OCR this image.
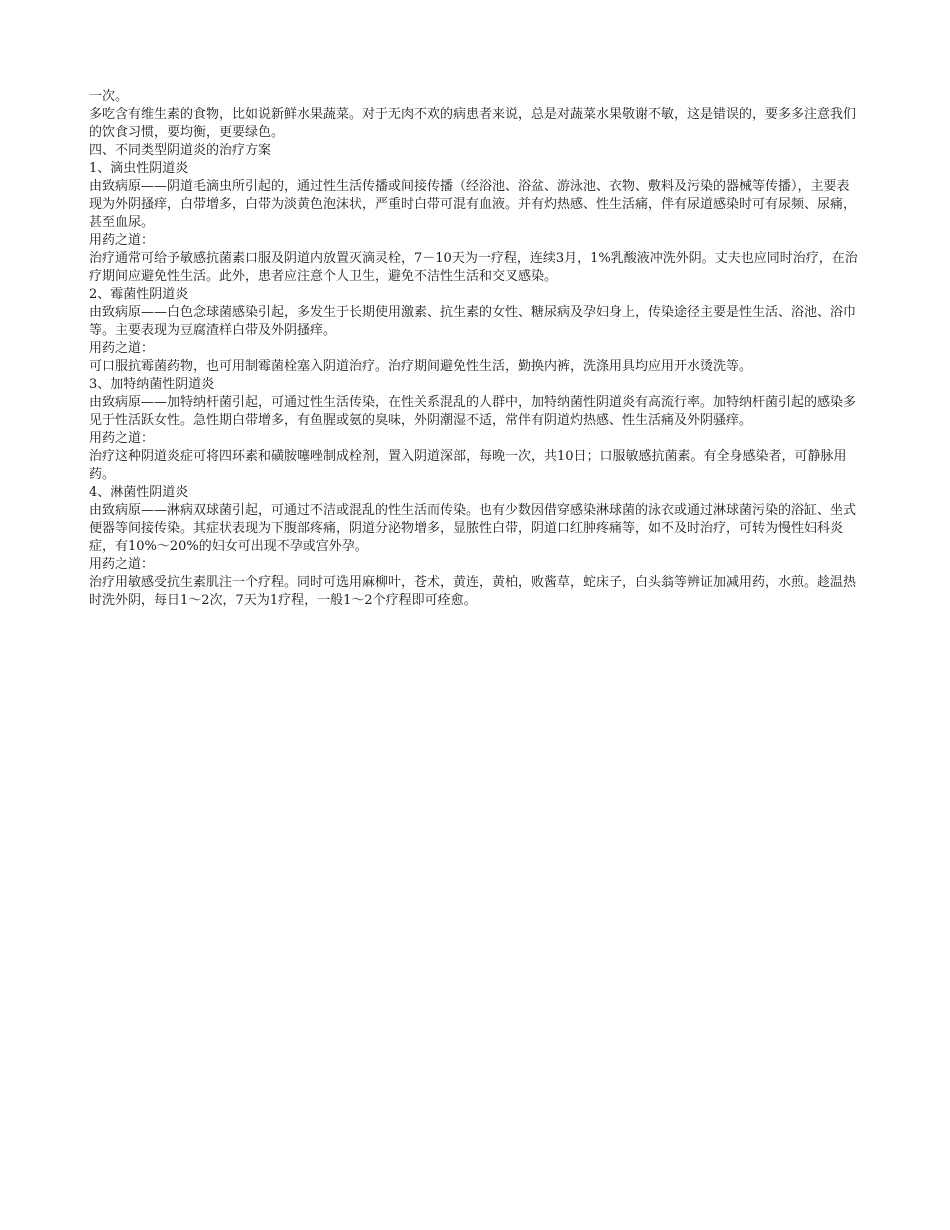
一次。

多吃含有维生素的食物，比如说新鲜水果蔬菜。对于无肉不欢的病患者来说，总是对蔬菜水果敬谢不敏，这是错误的，要多多注意我们的饮食习惯，要均衡，更要绿色。

四、不同类型阴道炎的治疗方案

1、滴虫性阴道炎

由致病原——阴道毛滴虫所引起的，通过性生活传播或间接传播（经浴池、浴盆、游泳池、衣物、敷料及污染的器械等传播），主要表现为外阴搔痒，白带增多，白带为淡黄色泡沫状，严重时白带可混有血液。并有灼热感、性生活痛，伴有尿道感染时可有尿频、尿痛，甚至血尿。

用药之道：

治疗通常可给予敏感抗菌素口服及阴道内放置灭滴灵栓，7－10天为一疗程，连续3月，1%乳酸液冲洗外阴。丈夫也应同时治疗，在治疗期间应避免性生活。此外，患者应注意个人卫生，避免不洁性生活和交叉感染。

2、霉菌性阴道炎

由致病原——白色念球菌感染引起，多发生于长期使用激素、抗生素的女性、糖尿病及孕妇身上，传染途径主要是性生活、浴池、浴巾等。主要表现为豆腐渣样白带及外阴搔痒。

用药之道：

可口服抗霉菌药物，也可用制霉菌栓塞入阴道治疗。治疗期间避免性生活，勤换内裤，洗涤用具均应用开水烫洗等。

3、加特纳菌性阴道炎

由致病原——加特纳杆菌引起，可通过性生活传染，在性关系混乱的人群中，加特纳菌性阴道炎有高流行率。加特纳杆菌引起的感染多见于性活跃女性。急性期白带增多，有鱼腥或氨的臭味，外阴潮湿不适，常伴有阴道灼热感、性生活痛及外阴骚痒。

用药之道：

治疗这种阴道炎症可将四环素和磺胺噻唑制成栓剂，置入阴道深部，每晚一次，共10日；口服敏感抗菌素。有全身感染者，可静脉用药。

4、淋菌性阴道炎

由致病原——淋病双球菌引起，可通过不洁或混乱的性生活而传染。也有少数因借穿感染淋球菌的泳衣或通过淋球菌污染的浴缸、坐式便器等间接传染。其症状表现为下腹部疼痛，阴道分泌物增多，显脓性白带，阴道口红肿疼痛等，如不及时治疗，可转为慢性妇科炎症，有10%～20%的妇女可出现不孕或宫外孕。

用药之道：

治疗用敏感受抗生素肌注一个疗程。同时可选用麻柳叶，苍术，黄连，黄柏，败酱草，蛇床子，白头翁等辨证加减用药，水煎。趁温热时洗外阴，每日1～2次，7天为1疗程，一般1～2个疗程即可痊愈。
